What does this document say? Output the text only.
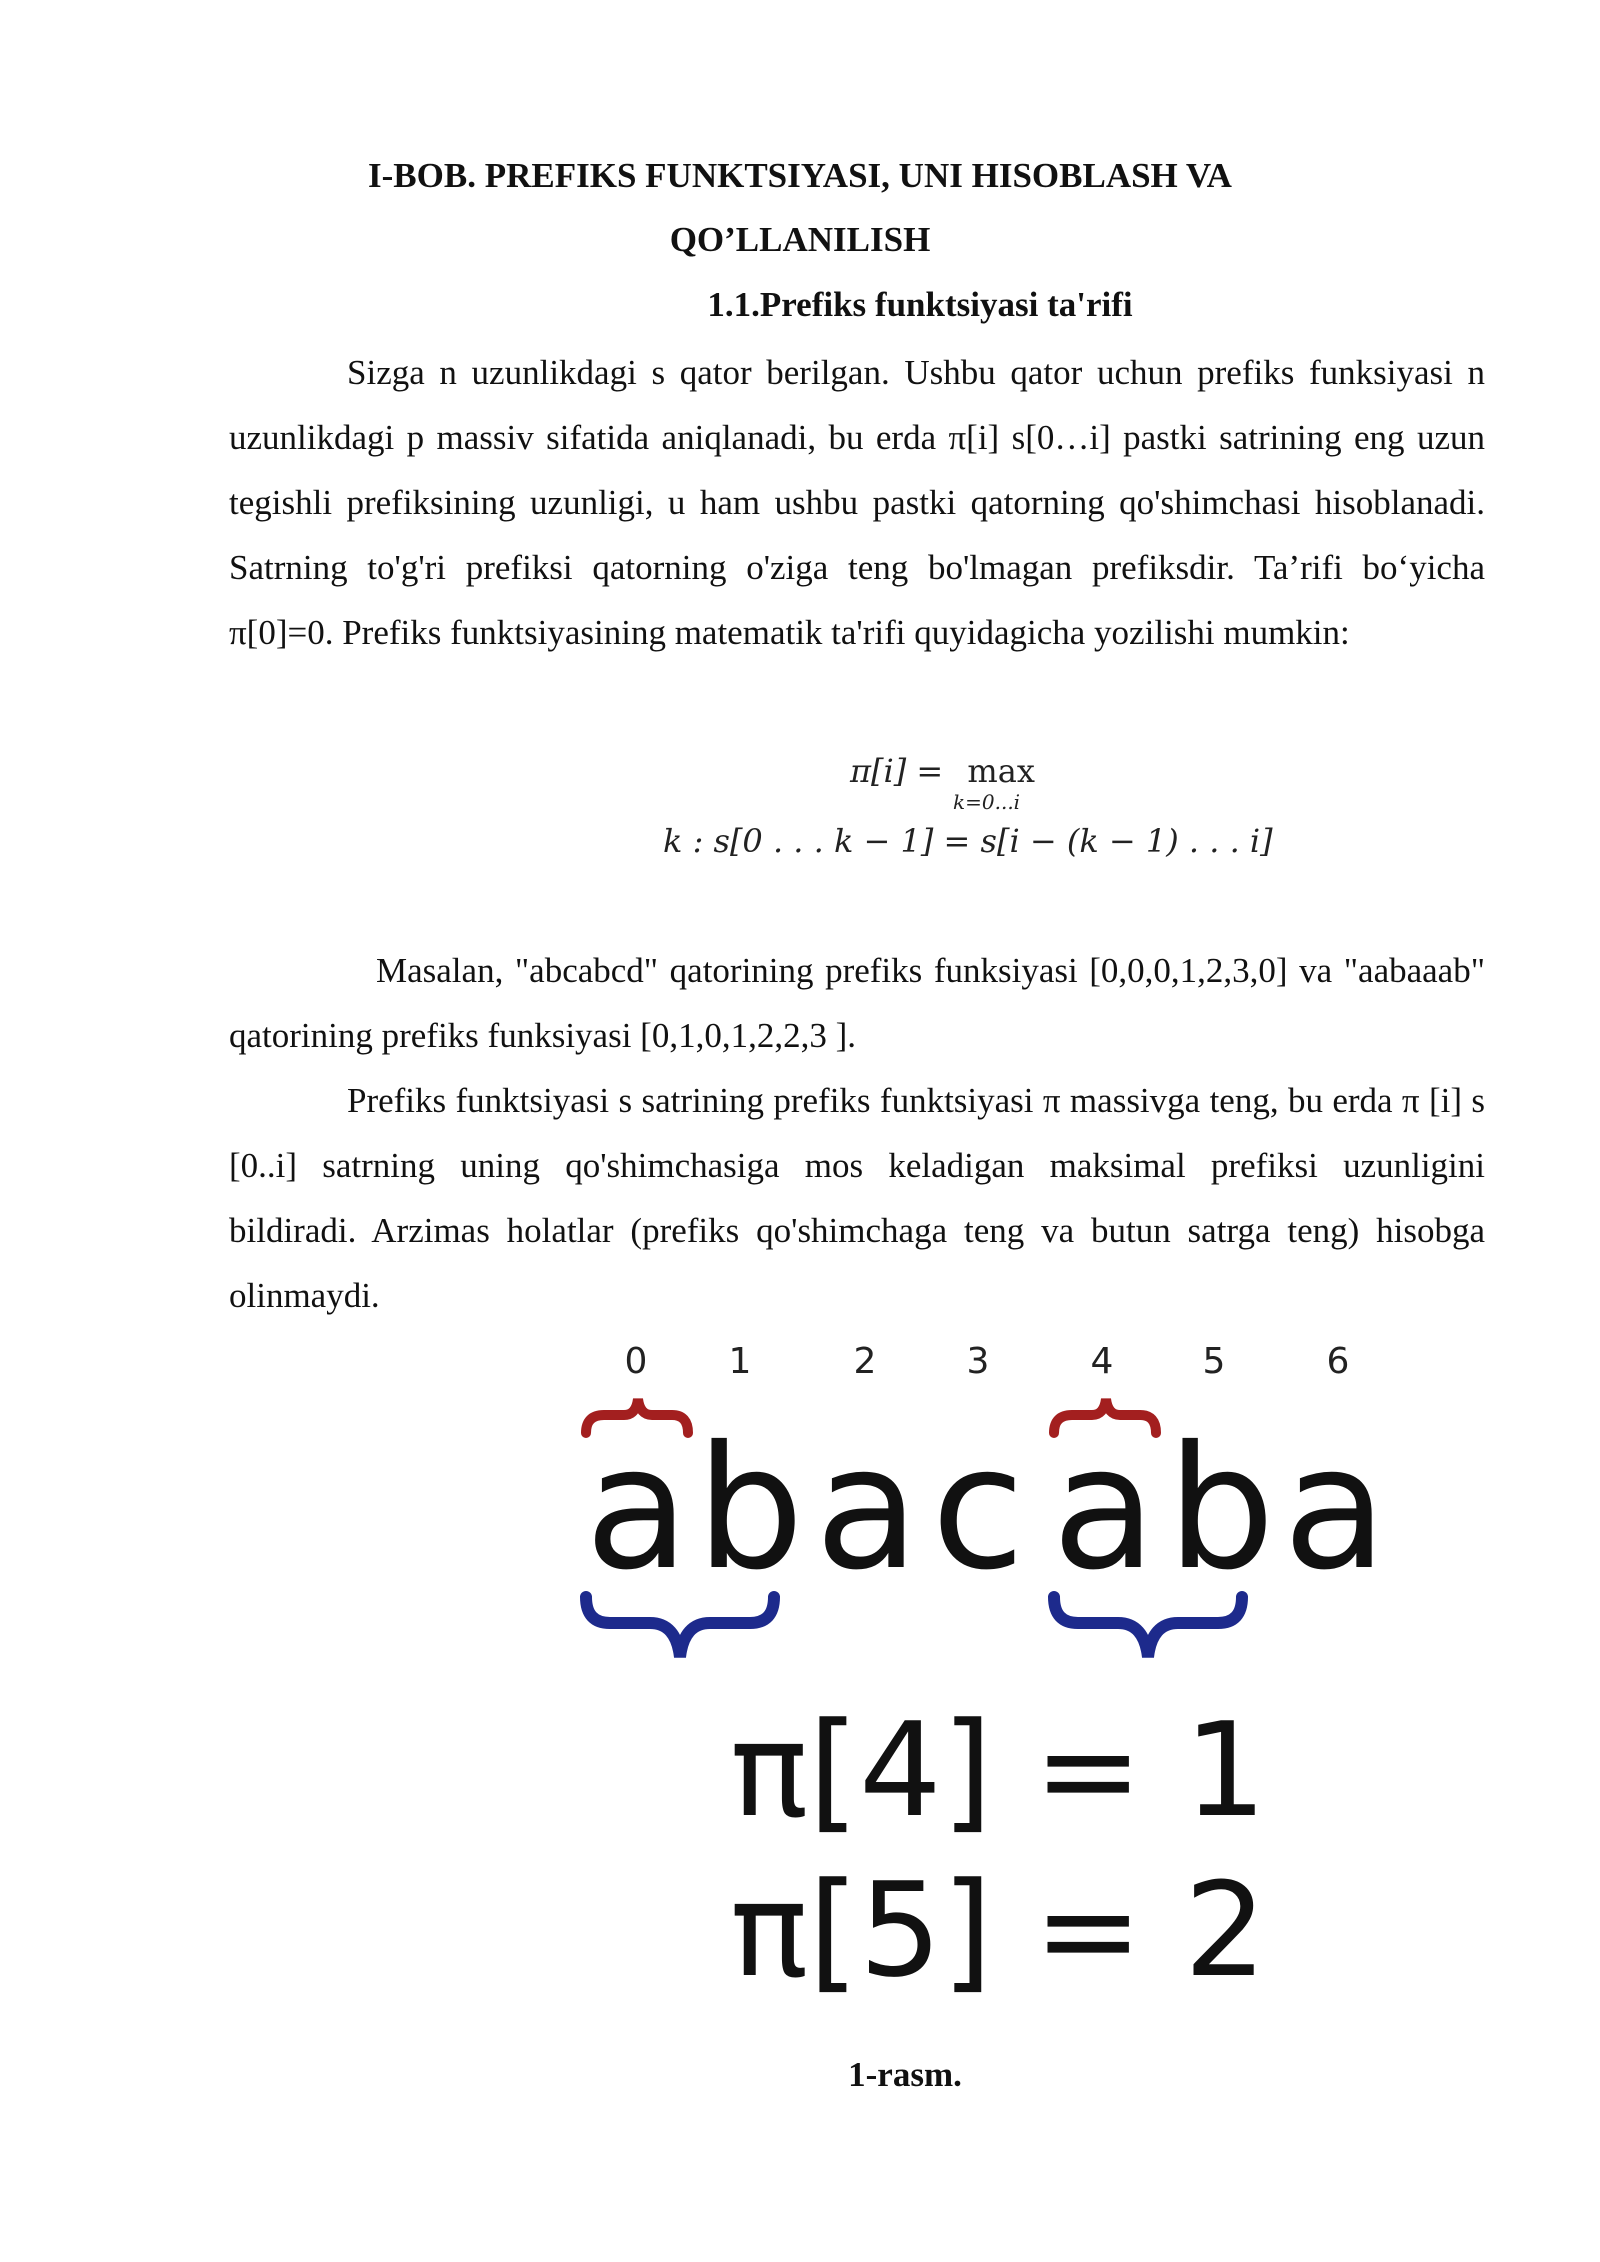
I-BOB. PREFIKS FUNKTSIYASI, UNI HISOBLASH VA
QO’LLANILISH
1.1.Prefiks funktsiyasi ta'rifi

Sizga n uzunlikdagi s qator berilgan. Ushbu qator uchun prefiks funksiyasi n uzunlikdagi p massiv sifatida aniqlanadi, bu erda π[i] s[0…i] pastki satrining eng uzun tegishli prefiksining uzunligi, u ham ushbu pastki qatorning qo'shimchasi hisoblanadi. Satrning to'g'ri prefiksi qatorning o'ziga teng bo'lmagan prefiksdir. Ta’rifi bo‘yicha π[0]=0. Prefiks funktsiyasining matematik ta'rifi quyidagicha yozilishi mumkin:

π[i] = max
k=0...i
k : s[0 . . . k − 1] = s[i − (k − 1) . . . i]

Masalan, "abcabcd" qatorining prefiks funksiyasi [0,0,0,1,2,3,0] va "aabaaab" qatorining prefiks funksiyasi [0,1,0,1,2,2,3 ].

Prefiks funktsiyasi s satrining prefiks funktsiyasi π massivga teng, bu erda π [i] s [0..i] satrning uning qo'shimchasiga mos keladigan maksimal prefiksi uzunligini bildiradi. Arzimas holatlar (prefiks qo'shimchaga teng va butun satrga teng) hisobga olinmaydi.

0 1	2	3	4 5	6
a b a c a b a
π[4] = 1
π[5] = 2
1-rasm.
